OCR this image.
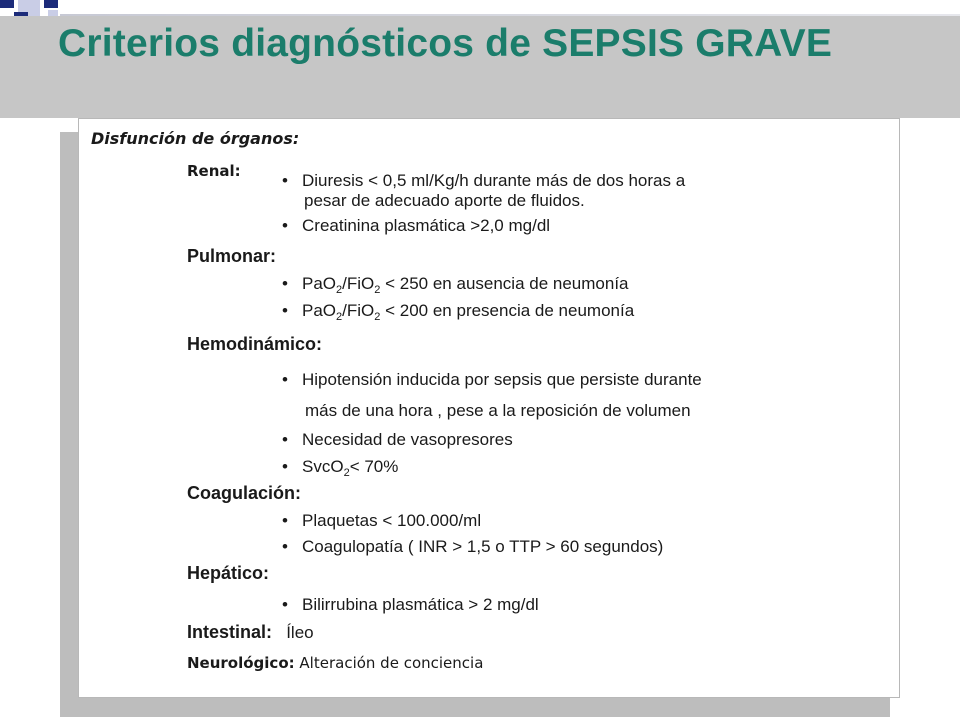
Criterios diagnósticos de SEPSIS GRAVE
Disfunción de órganos:
Renal: • Diuresis < 0,5 ml/Kg/h durante más de dos horas a
pesar de adecuado aporte de fluidos.
• Creatinina plasmática >2,0 mg/dl
Pulmonar:
• PaO$_2$/FiO$_2$ < 250 en ausencia de neumonía
• PaO$_2$/FiO$_2$ < 200 en presencia de neumonía
Hemodinámico:
• Hipotensión inducida por sepsis que persiste durante
más de una hora , pese a la reposición de volumen
• Necesidad de vasopresores
• SvcO$_2$< 70%
Coagulación:
• Plaquetas < 100.000/ml
• Coagulopatía ( INR > 1,5 o TTP > 60 segundos)
Hepático:
• Bilirrubina plasmática > 2 mg/dl
Intestinal: Íleo
Neurológico: Alteración de conciencia
